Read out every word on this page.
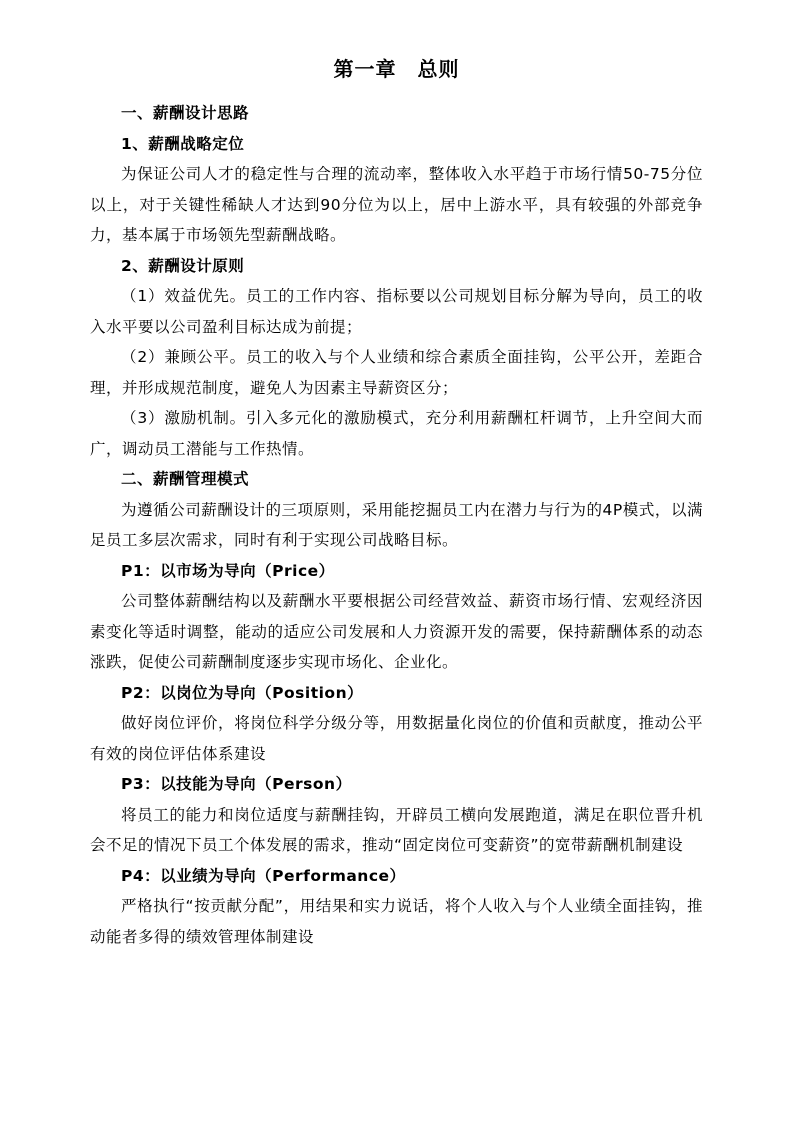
第一章　总则

一、薪酬设计思路

1、薪酬战略定位

为保证公司人才的稳定性与合理的流动率，整体收入水平趋于市场行情50-75分位以上，对于关键性稀缺人才达到90分位为以上，居中上游水平，具有较强的外部竞争力，基本属于市场领先型薪酬战略。

2、薪酬设计原则

（1）效益优先。员工的工作内容、指标要以公司规划目标分解为导向，员工的收入水平要以公司盈利目标达成为前提；

（2）兼顾公平。员工的收入与个人业绩和综合素质全面挂钩，公平公开，差距合理，并形成规范制度，避免人为因素主导薪资区分；

（3）激励机制。引入多元化的激励模式，充分利用薪酬杠杆调节，上升空间大而广，调动员工潜能与工作热情。

二、薪酬管理模式

为遵循公司薪酬设计的三项原则，采用能挖掘员工内在潜力与行为的4P模式，以满足员工多层次需求，同时有利于实现公司战略目标。

P1：以市场为导向（Price）

公司整体薪酬结构以及薪酬水平要根据公司经营效益、薪资市场行情、宏观经济因素变化等适时调整，能动的适应公司发展和人力资源开发的需要，保持薪酬体系的动态涨跌，促使公司薪酬制度逐步实现市场化、企业化。

P2：以岗位为导向（Position）

做好岗位评价，将岗位科学分级分等，用数据量化岗位的价值和贡献度，推动公平有效的岗位评估体系建设

P3：以技能为导向（Person）

将员工的能力和岗位适度与薪酬挂钩，开辟员工横向发展跑道，满足在职位晋升机会不足的情况下员工个体发展的需求，推动“固定岗位可变薪资”的宽带薪酬机制建设

P4：以业绩为导向（Performance）

严格执行“按贡献分配”，用结果和实力说话，将个人收入与个人业绩全面挂钩，推动能者多得的绩效管理体制建设
